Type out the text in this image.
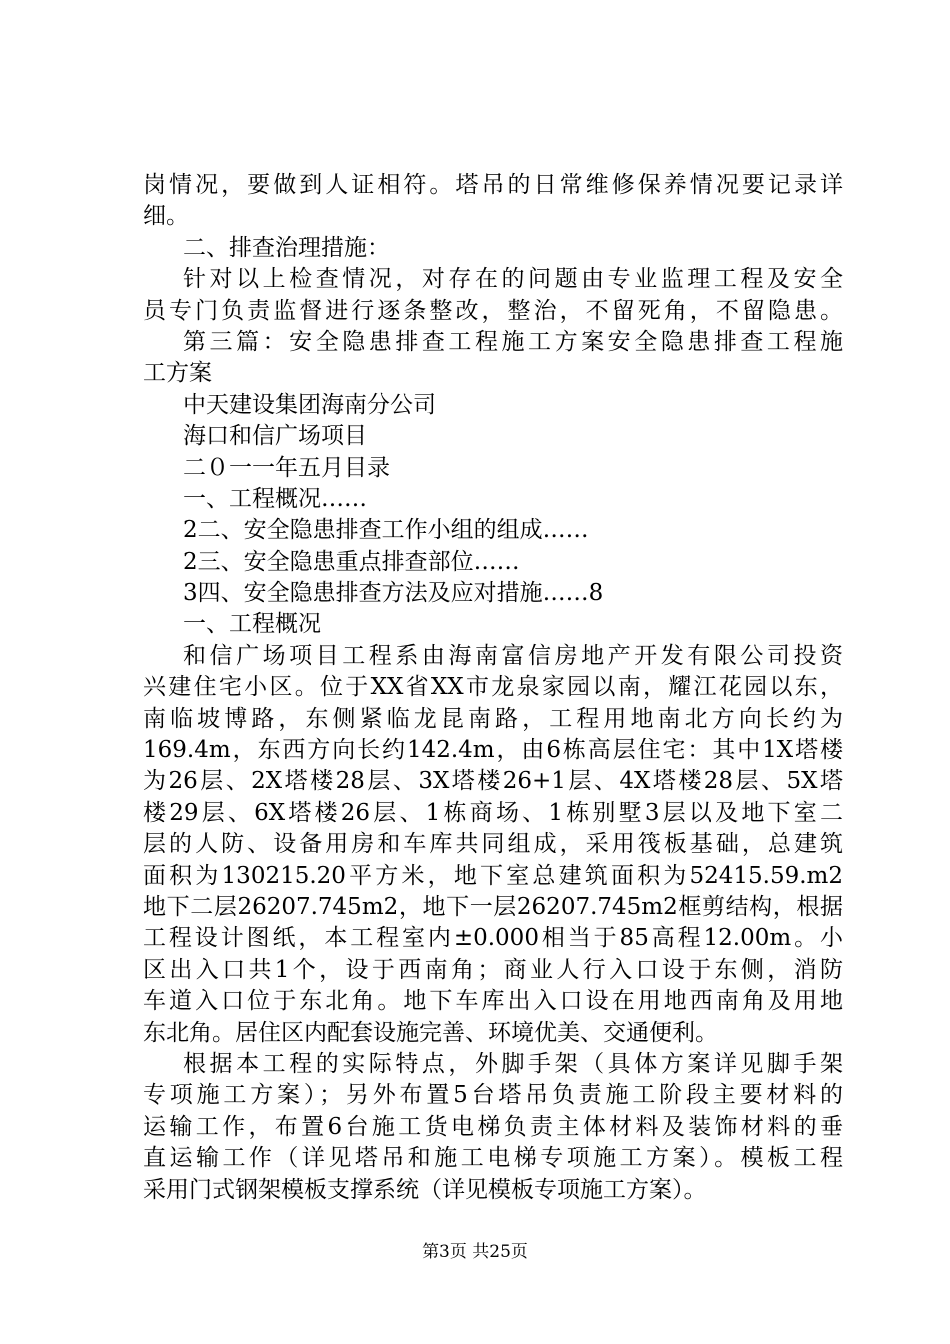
岗情况，要做到人证相符。塔吊的日常维修保养情况要记录详
细。
二、排查治理措施：
针对以上检查情况，对存在的问题由专业监理工程及安全
员专门负责监督进行逐条整改，整治，不留死角，不留隐患。
第三篇：安全隐患排查工程施工方案安全隐患排查工程施
工方案
中天建设集团海南分公司
海口和信广场项目
二０一一年五月目录
一、工程概况……
2二、安全隐患排查工作小组的组成……
2三、安全隐患重点排查部位……
3四、安全隐患排查方法及应对措施……8
一、工程概况
和信广场项目工程系由海南富信房地产开发有限公司投资
兴建住宅小区。位于XX省XX市龙泉家园以南，耀江花园以东，
南临坡博路，东侧紧临龙昆南路，工程用地南北方向长约为
169.4m，东西方向长约142.4m，由6栋高层住宅：其中1X塔楼
为26层、2X塔楼28层、3X塔楼26+1层、4X塔楼28层、5X塔
楼29层、6X塔楼26层、1栋商场、1栋别墅3层以及地下室二
层的人防、设备用房和车库共同组成，采用筏板基础，总建筑
面积为130215.20平方米，地下室总建筑面积为52415.59.m2
地下二层26207.745m2，地下一层26207.745m2框剪结构，根据
工程设计图纸，本工程室内±0.000相当于85高程12.00m。小
区出入口共1个，设于西南角；商业人行入口设于东侧，消防
车道入口位于东北角。地下车库出入口设在用地西南角及用地
东北角。居住区内配套设施完善、环境优美、交通便利。
根据本工程的实际特点，外脚手架（具体方案详见脚手架
专项施工方案）；另外布置5台塔吊负责施工阶段主要材料的
运输工作，布置6台施工货电梯负责主体材料及装饰材料的垂
直运输工作（详见塔吊和施工电梯专项施工方案）。模板工程
采用门式钢架模板支撑系统（详见模板专项施工方案）。
第3页 共25页
